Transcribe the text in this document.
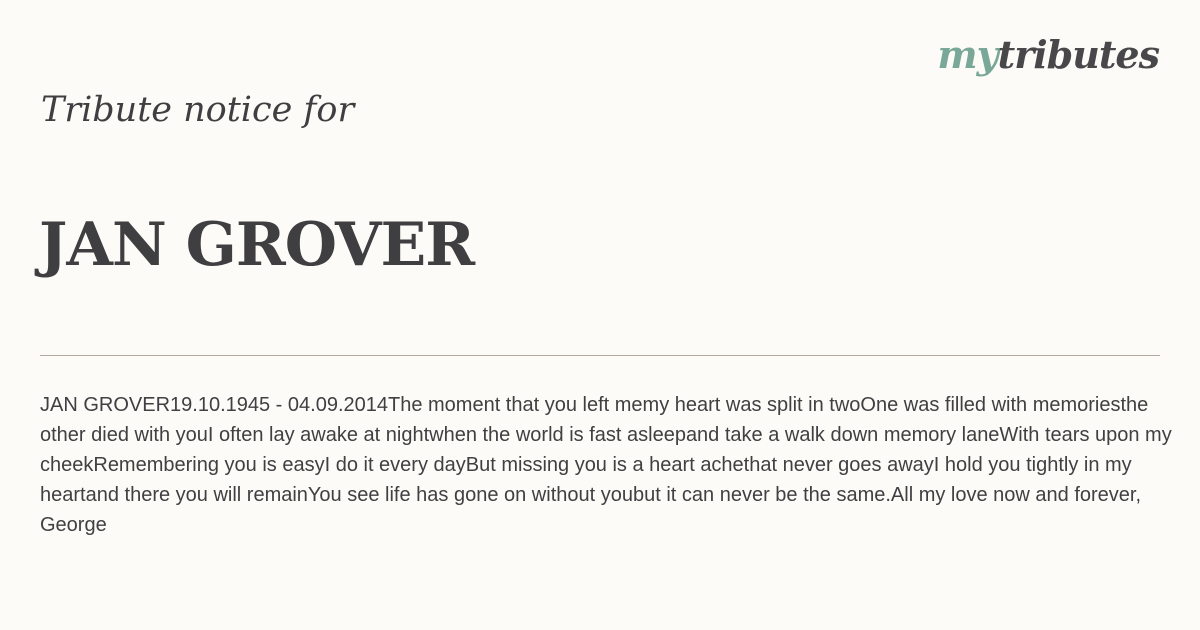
mytributes
Tribute notice for
JAN GROVER

JAN GROVER19.10.1945 - 04.09.2014The moment that you left memy heart was split in twoOne was filled with memoriesthe other died with youI often lay awake at nightwhen the world is fast asleepand take a walk down memory laneWith tears upon my cheekRemembering you is easyI do it every dayBut missing you is a heart achethat never goes awayI hold you tightly in my heartand there you will remainYou see life has gone on without youbut it can never be the same.All my love now and forever, George
